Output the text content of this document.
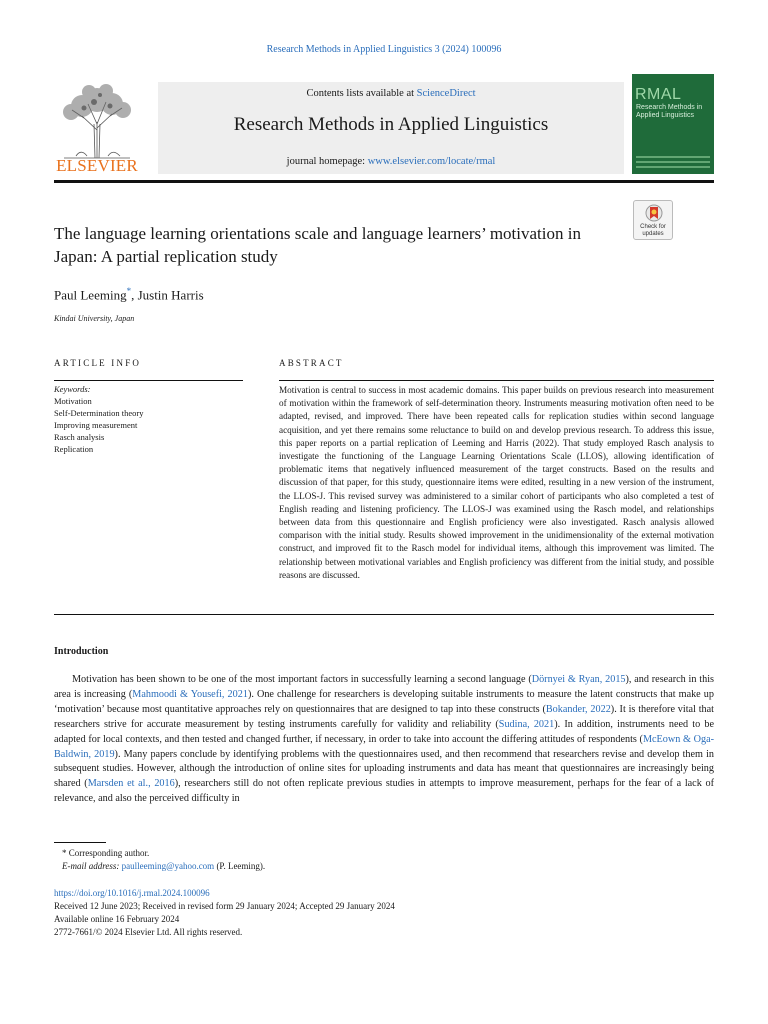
Research Methods in Applied Linguistics 3 (2024) 100096
ELSEVIER
Contents lists available at ScienceDirect
Research Methods in Applied Linguistics
journal homepage: www.elsevier.com/locate/rmal
RMAL
Research Methods in Applied Linguistics
Check for
updates
The language learning orientations scale and language learners’ motivation in Japan: A partial replication study
Paul Leeming*, Justin Harris
Kindai University, Japan
ARTICLE INFO	ABSTRACT
Keywords:
Motivation
Self-Determination theory
Improving measurement
Rasch analysis
Replication

Motivation is central to success in most academic domains. This paper builds on previous research into measurement of motivation within the framework of self-determination theory. Instruments measuring motivation often need to be adapted, revised, and improved. There have been repeated calls for replication studies within second language acquisition, and yet there remains some reluctance to build on and develop previous research. To address this issue, this paper reports on a partial replication of Leeming and Harris (2022). That study employed Rasch analysis to investigate the functioning of the Language Learning Orientations Scale (LLOS), allowing identification of problematic items that negatively influenced measurement of the target constructs. Based on the results and discussion of that paper, for this study, questionnaire items were edited, resulting in a new version of the instrument, the LLOS-J. This revised survey was administered to a similar cohort of participants who also completed a test of English reading and listening proficiency. The LLOS-J was examined using the Rasch model, and relationships between data from this questionnaire and English proficiency were also investigated. Rasch analysis allowed comparison with the initial study. Results showed improvement in the unidimensionality of the external motivation construct, and improved fit to the Rasch model for individual items, although this improvement was limited. The relationship between motivational variables and English proficiency was different from the initial study, and possible reasons are discussed.

Introduction

Motivation has been shown to be one of the most important factors in successfully learning a second language (Dörnyei & Ryan, 2015), and research in this area is increasing (Mahmoodi & Yousefi, 2021). One challenge for researchers is developing suitable instruments to measure the latent constructs that make up ‘motivation’ because most quantitative approaches rely on questionnaires that are designed to tap into these constructs (Bokander, 2022). It is therefore vital that researchers strive for accurate measurement by testing instruments carefully for validity and reliability (Sudina, 2021). In addition, instruments need to be adapted for local contexts, and then tested and changed further, if necessary, in order to take into account the differing attitudes of respondents (McEown & Oga-Baldwin, 2019). Many papers conclude by identifying problems with the questionnaires used, and then recommend that researchers revise and develop them in subsequent studies. However, although the introduction of online sites for uploading instruments and data has meant that questionnaires are increasingly being shared (Marsden et al., 2016), researchers still do not often replicate previous studies in attempts to improve measurement, perhaps for the fear of a lack of relevance, and also the perceived difficulty in

* Corresponding author.
E-mail address: paulleeming@yahoo.com (P. Leeming).
https://doi.org/10.1016/j.rmal.2024.100096
Received 12 June 2023; Received in revised form 29 January 2024; Accepted 29 January 2024
Available online 16 February 2024
2772-7661/© 2024 Elsevier Ltd. All rights reserved.
